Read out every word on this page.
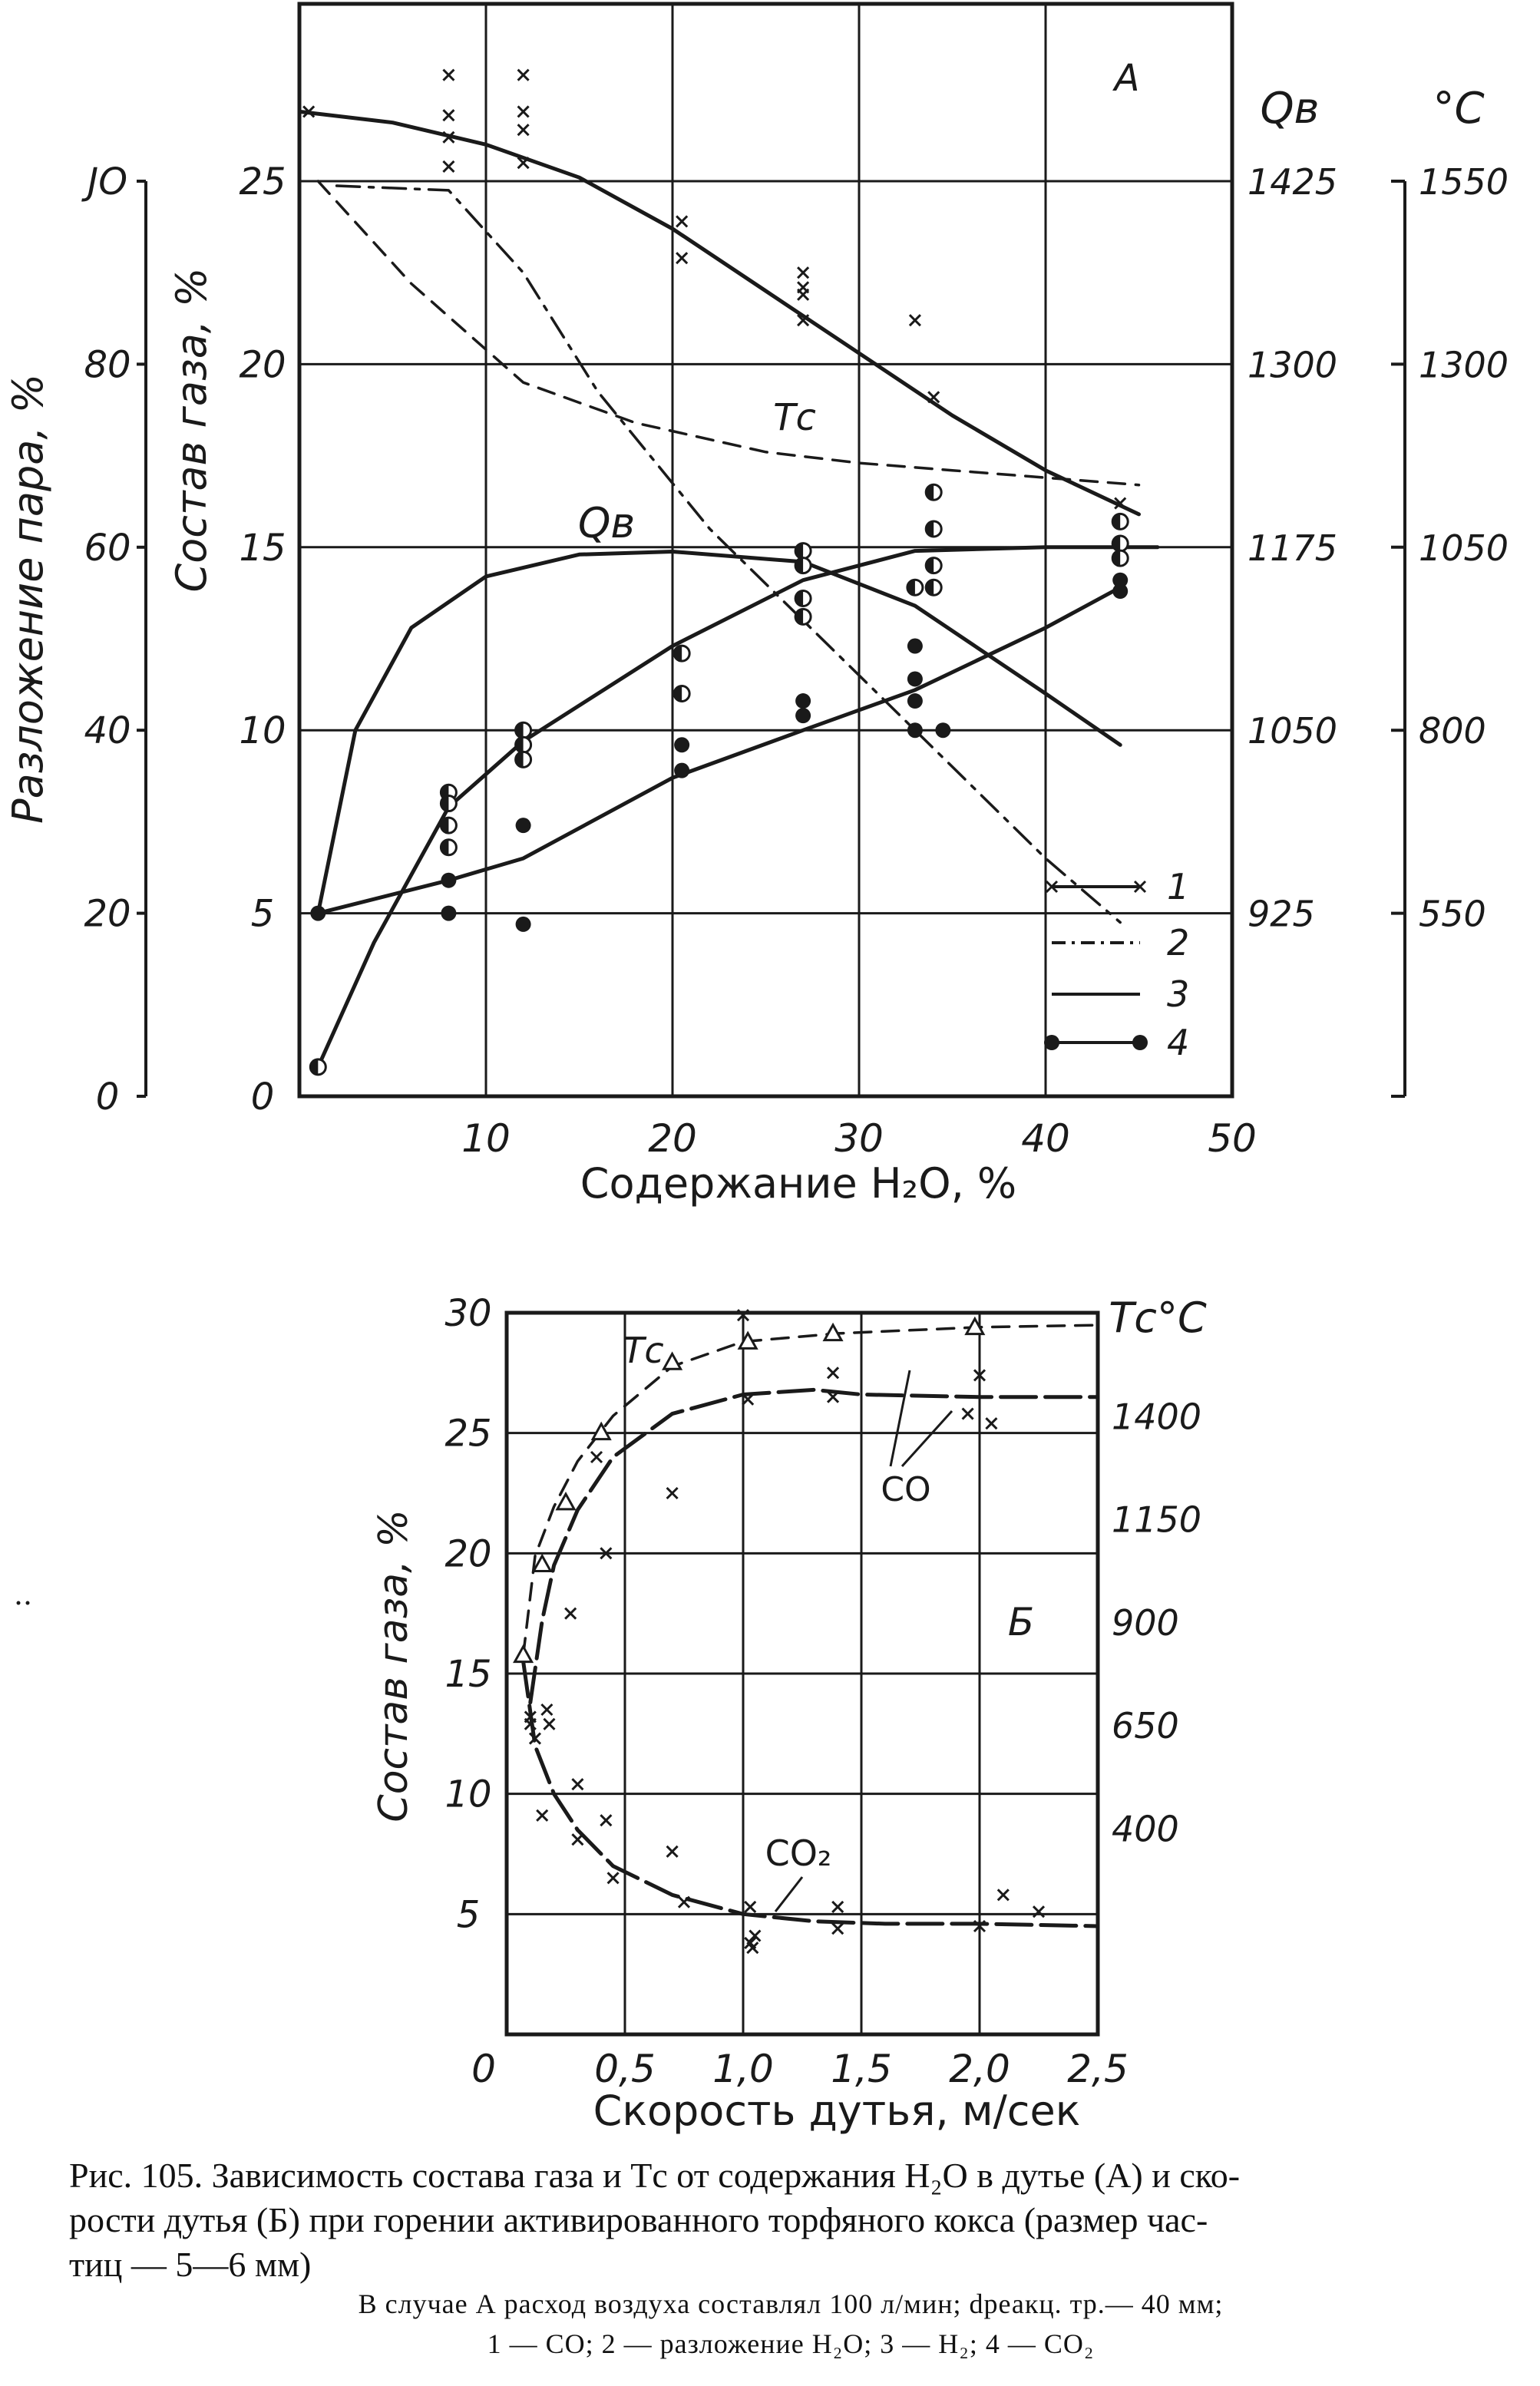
10	20	30	40	50
Содержание H₂O, %
0
20
40
60
80
ЈО
Разложение пара, %
0
5
10
15
20
25
Состав газа, %
925
1050
1175
1300
1425
Qв
550
800
1050
1300
1550
°C
А
Tс
Qв
1
2
3
4
0	0,5 1,0 1,5 2,0 2,5
Скорость дутья, м/сек
5
10
15
20
25
30
Состав газа, %
400
650
900
1150
1400
Tс°C
Б
Tс
CO
CO₂

Рис. 105. Зависимость состава газа и Tс от содержания H₂O в дутье (А) и ско-

рости дутья (Б) при горении активированного торфяного кокса (размер час-

тиц — 5—6 мм)

В случае А расход воздуха составлял 100 л/мин; dреакц. тр.— 40 мм;

1 — CO; 2 — разложение H₂O; 3 — H₂; 4 — CO₂
